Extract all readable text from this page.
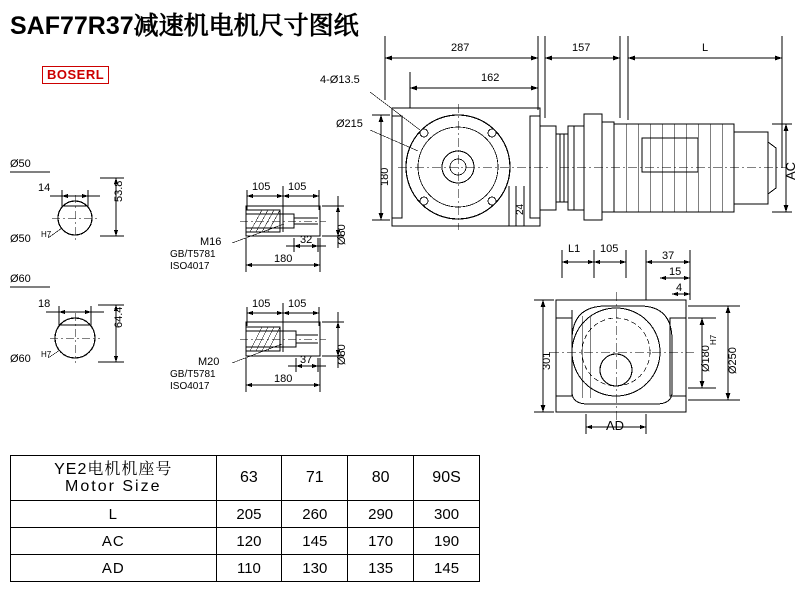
SAF77R37减速机电机尺寸图纸
BOSERL
287
162
157	L
4-Ø13.5
Ø215
180
24
AC
Ø50
14	53.8
Ø50 H7
Ø60
18
64.4
Ø60 H7
105 105
32
180
M16
GB/T5781
ISO4017
Ø80
105 105
37
180
M20
GB/T5781
ISO4017
Ø80
L1 105
37
15
4
301	Ø180
H7
Ø250
AD
YE2电机机座号
Motor Size	63	71	80	90S
L	205	260	290	300
AC	120	145	170	190
AD	110	130	135	145
